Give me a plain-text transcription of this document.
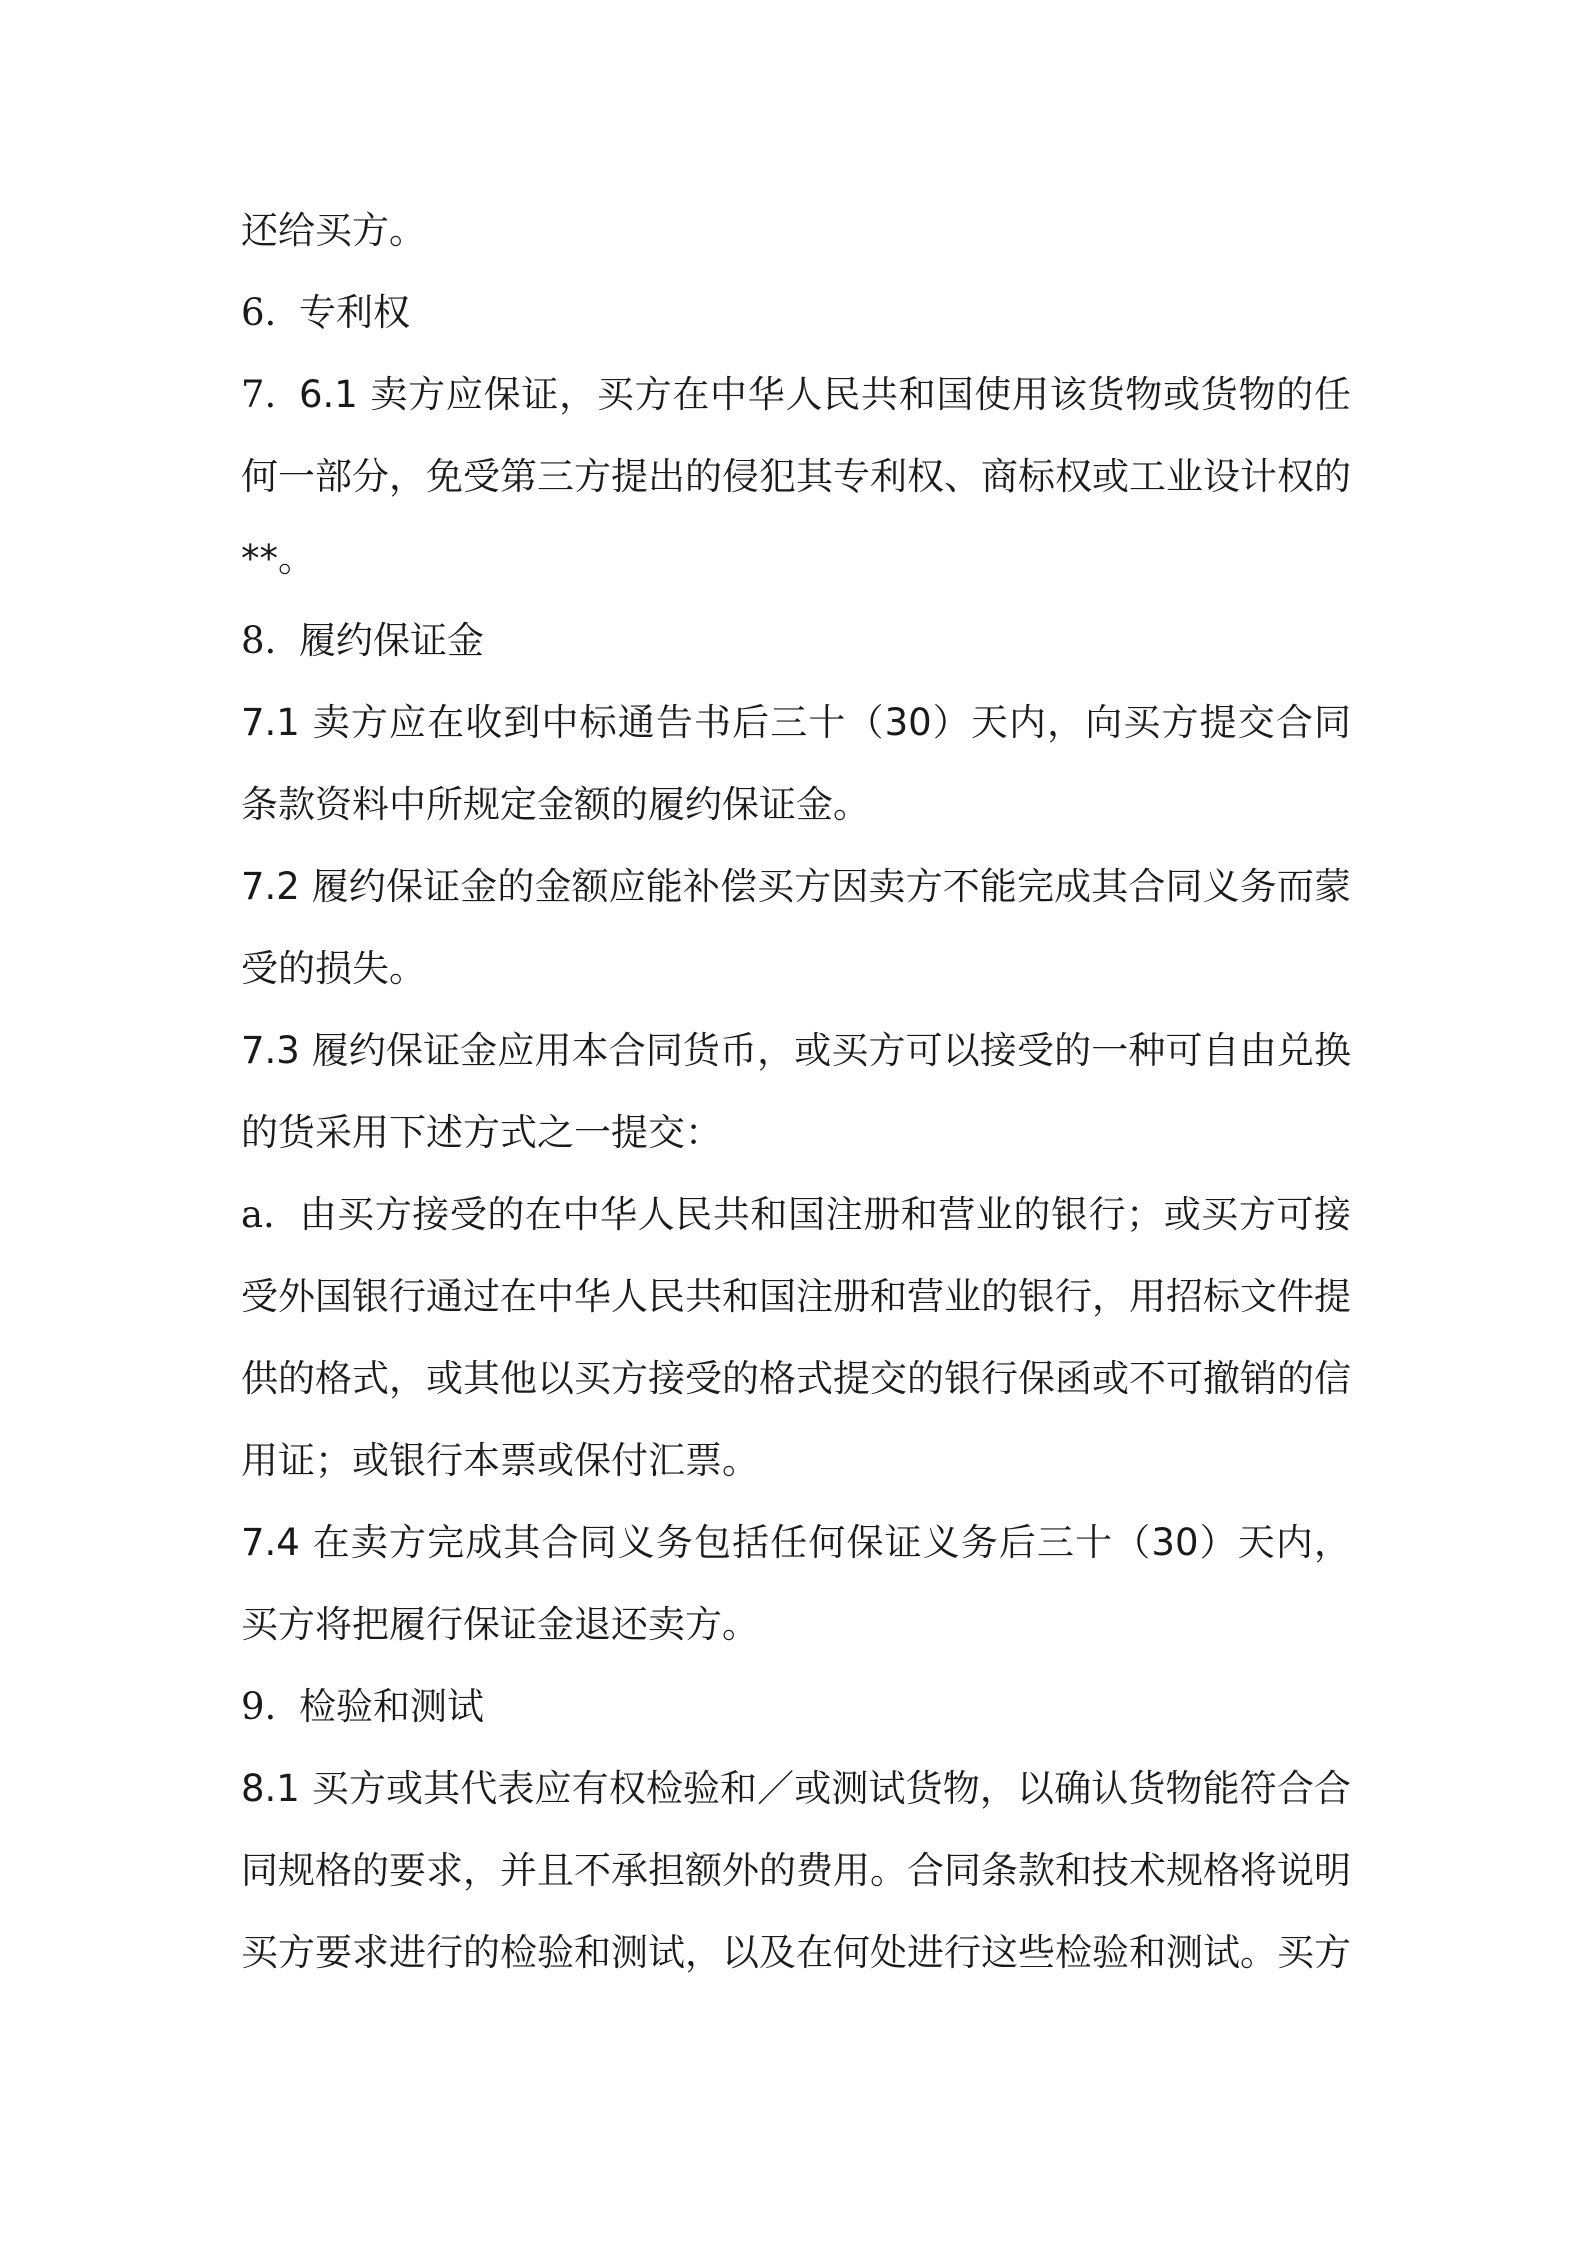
还给买方。

6. 专利权

7. 6.1 卖方应保证，买方在中华人民共和国使用该货物或货物的任何一部分，免受第三方提出的侵犯其专利权、商标权或工业设计权的**。

8. 履约保证金

7.1 卖方应在收到中标通告书后三十（30）天内，向买方提交合同条款资料中所规定金额的履约保证金。

7.2 履约保证金的金额应能补偿买方因卖方不能完成其合同义务而蒙受的损失。

7.3 履约保证金应用本合同货币，或买方可以接受的一种可自由兑换的货采用下述方式之一提交：

a. 由买方接受的在中华人民共和国注册和营业的银行；或买方可接受外国银行通过在中华人民共和国注册和营业的银行，用招标文件提供的格式，或其他以买方接受的格式提交的银行保函或不可撤销的信用证；或银行本票或保付汇票。

7.4 在卖方完成其合同义务包括任何保证义务后三十（30）天内，买方将把履行保证金退还卖方。

9. 检验和测试

8.1 买方或其代表应有权检验和／或测试货物，以确认货物能符合合同规格的要求，并且不承担额外的费用。合同条款和技术规格将说明买方要求进行的检验和测试，以及在何处进行这些检验和测试。买方
